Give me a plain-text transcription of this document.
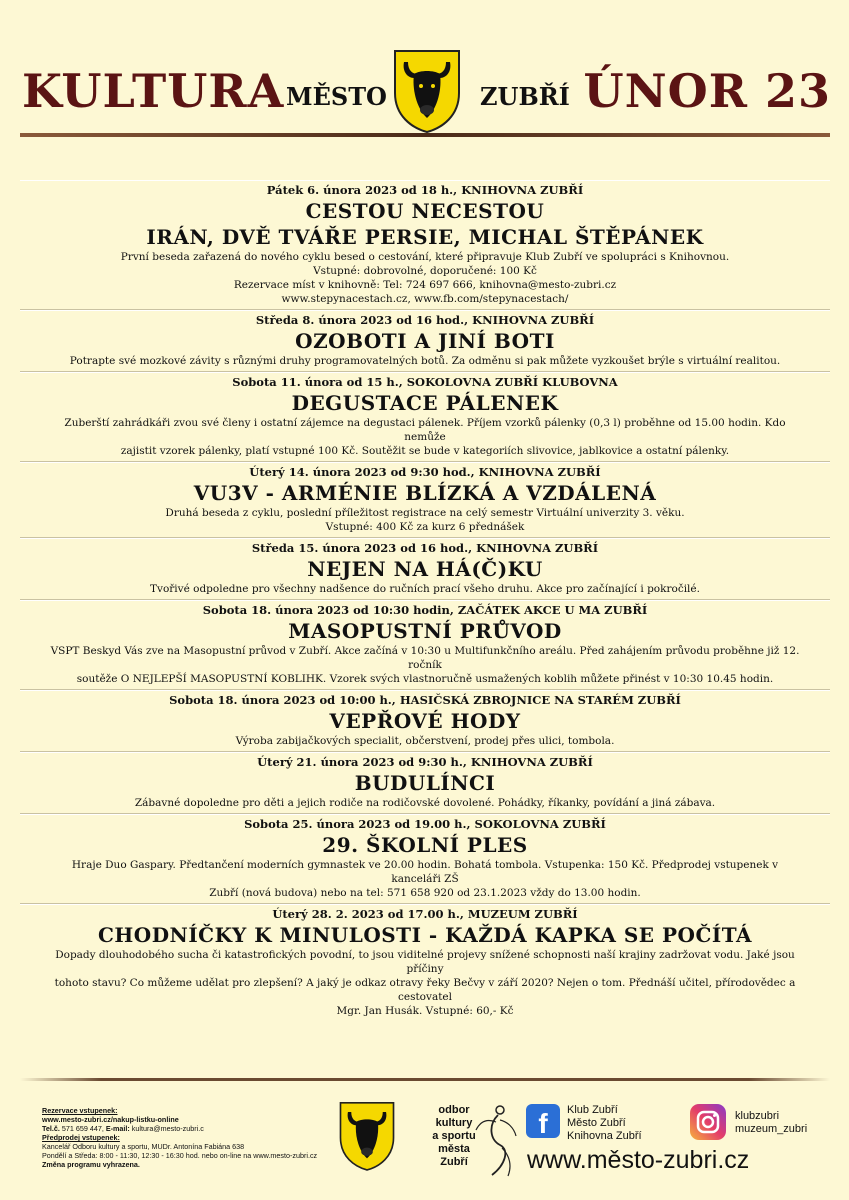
KULTURA MĚSTO	ZUBŘÍ ÚNOR 23
Pátek 6. února 2023 od 18 h., KNIHOVNA ZUBŘÍ
CESTOU NECESTOU
IRÁN, DVĚ TVÁŘE PERSIE, MICHAL ŠTĚPÁNEK
První beseda zařazená do nového cyklu besed o cestování, které připravuje Klub Zubří ve spolupráci s Knihovnou.
Vstupné: dobrovolné, doporučené: 100 Kč
Rezervace míst v knihovně: Tel: 724 697 666, knihovna@mesto-zubri.cz
www.stepynacestach.cz, www.fb.com/stepynacestach/
Středa 8. února 2023 od 16 hod., KNIHOVNA ZUBŘÍ
OZOBOTI A JINÍ BOTI
Potrapte své mozkové závity s různými druhy programovatelných botů. Za odměnu si pak můžete vyzkoušet brýle s virtuální realitou.
Sobota 11. února od 15 h., SOKOLOVNA ZUBŘÍ KLUBOVNA
DEGUSTACE PÁLENEK
Zuberští zahrádkáři zvou své členy i ostatní zájemce na degustaci pálenek. Příjem vzorků pálenky (0,3 l) proběhne od 15.00 hodin. Kdo nemůže
zajistit vzorek pálenky, platí vstupné 100 Kč. Soutěžit se bude v kategoriích slivovice, jablkovice a ostatní pálenky.
Úterý 14. února 2023 od 9:30 hod., KNIHOVNA ZUBŘÍ
VU3V - ARMÉNIE BLÍZKÁ A VZDÁLENÁ
Druhá beseda z cyklu, poslední příležitost registrace na celý semestr Virtuální univerzity 3. věku.
Vstupné: 400 Kč za kurz 6 přednášek
Středa 15. února 2023 od 16 hod., KNIHOVNA ZUBŘÍ
NEJEN NA HÁ(Č)KU
Tvořivé odpoledne pro všechny nadšence do ručních prací všeho druhu. Akce pro začínající i pokročilé.
Sobota 18. února 2023 od 10:30 hodin, ZAČÁTEK AKCE U MA ZUBŘÍ
MASOPUSTNÍ PRŮVOD
VSPT Beskyd Vás zve na Masopustní průvod v Zubří. Akce začíná v 10:30 u Multifunkčního areálu. Před zahájením průvodu proběhne již 12. ročník
soutěže O NEJLEPŠÍ MASOPUSTNÍ KOBLIHK. Vzorek svých vlastnoručně usmažených koblih můžete přinést v 10:30 10.45 hodin.
Sobota 18. února 2023 od 10:00 h., HASIČSKÁ ZBROJNICE NA STARÉM ZUBŘÍ
VEPŘOVÉ HODY
Výroba zabijačkových specialit, občerstvení, prodej přes ulici, tombola.
Úterý 21. února 2023 od 9:30 h., KNIHOVNA ZUBŘÍ
BUDULÍNCI
Zábavné dopoledne pro děti a jejich rodiče na rodičovské dovolené. Pohádky, říkanky, povídání a jiná zábava.
Sobota 25. února 2023 od 19.00 h., SOKOLOVNA ZUBŘÍ
29. ŠKOLNÍ PLES
Hraje Duo Gaspary. Předtančení moderních gymnastek ve 20.00 hodin. Bohatá tombola. Vstupenka: 150 Kč. Předprodej vstupenek v kanceláři ZŠ
Zubří (nová budova) nebo na tel: 571 658 920 od 23.1.2023 vždy do 13.00 hodin.
Úterý 28. 2. 2023 od 17.00 h., MUZEUM ZUBŘÍ
CHODNÍČKY K MINULOSTI - KAŽDÁ KAPKA SE POČÍTÁ
Dopady dlouhodobého sucha či katastrofických povodní, to jsou viditelné projevy snížené schopnosti naší krajiny zadržovat vodu. Jaké jsou příčiny
tohoto stavu? Co můžeme udělat pro zlepšení? A jaký je odkaz otravy řeky Bečvy v září 2020? Nejen o tom. Přednáší učitel, přírodovědec a cestovatel
Mgr. Jan Husák. Vstupné: 60,- Kč
Rezervace vstupenek:
www.mesto-zubri.cz/nakup-listku-online
Tel.č. 571 659 447, E-mail: kultura@mesto-zubri.c
Předprodej vstupenek:
Kancelář Odboru kultury a sportu, MUDr. Antonína Fabiána 638
Pondělí a Středa: 8:00 - 11:30, 12:30 - 16:30 hod. nebo on-line na www.mesto-zubri.cz
Změna programu vyhrazena.
odbor
kultury
a sportu
města
Zubří
f	Klub Zubří
Město Zubří
Knihovna Zubří
klubzubri
muzeum_zubri
www.město-zubri.cz
